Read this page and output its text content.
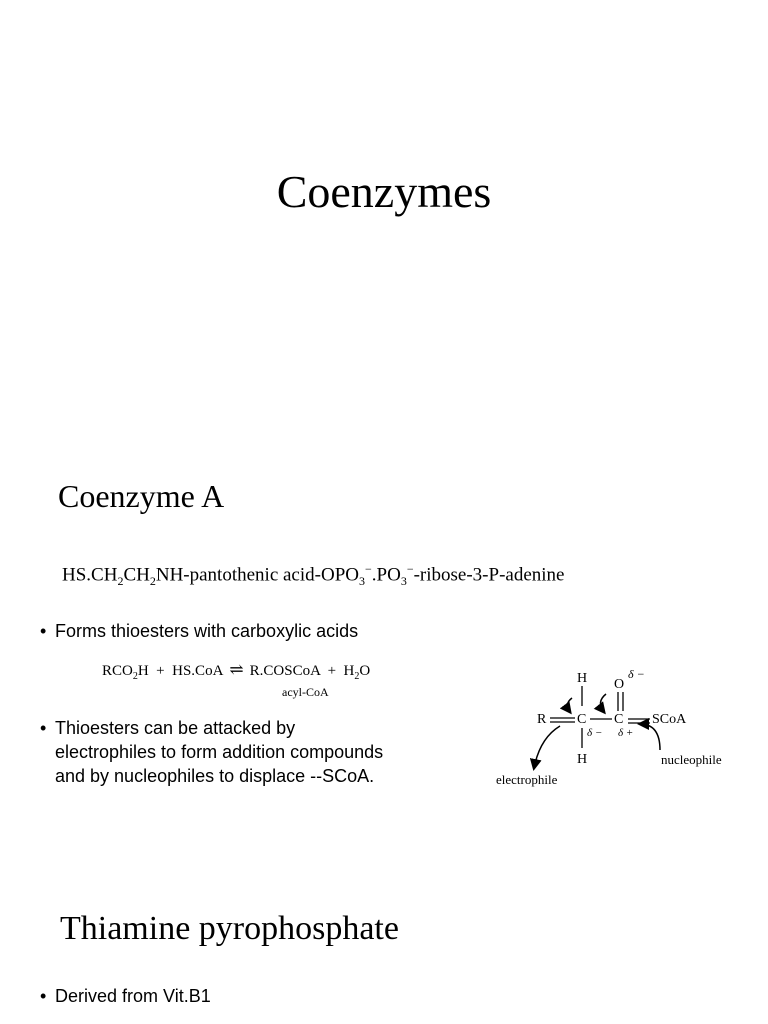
Coenzymes
Coenzyme A
$HS.CH_2CH_2NH$-pantothenic acid-$OPO_3^-.PO_3^--ribose-3-P$-adenine
• Forms thioesters with carboxylic acids
$RCO_2H + HS.CoA$ ⇌ R.COSCoA  +  $H_2O$
acyl-CoA
• Thioesters can be attacked by electrophiles to form addition compounds and by nucleophiles to displace --SCoA.
H O
δ −
R C C SCoA
δ − δ +
H
electrophile
nucleophile
Thiamine pyrophosphate
• Derived from Vit.B1
